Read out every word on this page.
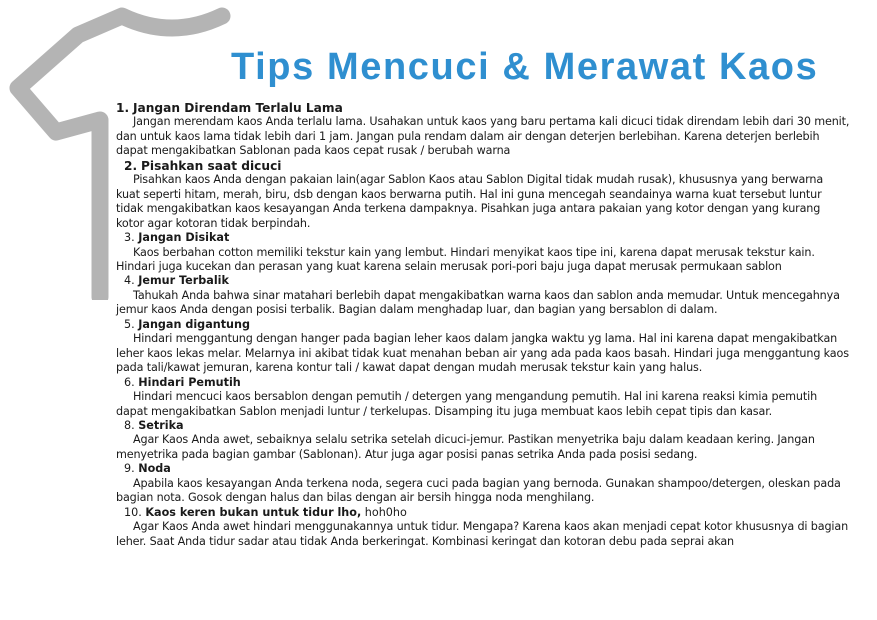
Tips Mencuci & Merawat Kaos
1. Jangan Direndam Terlalu Lama
Jangan merendam kaos Anda terlalu lama. Usahakan untuk kaos yang baru pertama kali dicuci tidak direndam lebih dari 30 menit, dan untuk kaos lama tidak lebih dari 1 jam. Jangan pula rendam dalam air dengan deterjen berlebihan. Karena deterjen berlebih dapat mengakibatkan Sablonan pada kaos cepat rusak / berubah warna
2. Pisahkan saat dicuci
Pisahkan kaos Anda dengan pakaian lain(agar Sablon Kaos atau Sablon Digital tidak mudah rusak), khususnya yang berwarna kuat seperti hitam, merah, biru, dsb dengan kaos berwarna putih. Hal ini guna mencegah seandainya warna kuat tersebut luntur tidak mengakibatkan kaos kesayangan Anda terkena dampaknya. Pisahkan juga antara pakaian yang kotor dengan yang kurang kotor agar kotoran tidak berpindah.
3. Jangan Disikat
Kaos berbahan cotton memiliki tekstur kain yang lembut. Hindari menyikat kaos tipe ini, karena dapat merusak tekstur kain. Hindari juga kucekan dan perasan yang kuat karena selain merusak pori-pori baju juga dapat merusak permukaan sablon
4. Jemur Terbalik
Tahukah Anda bahwa sinar matahari berlebih dapat mengakibatkan warna kaos dan sablon anda memudar. Untuk mencegahnya jemur kaos Anda dengan posisi terbalik. Bagian dalam menghadap luar, dan bagian yang bersablon di dalam.
5. Jangan digantung
Hindari menggantung dengan hanger pada bagian leher kaos dalam jangka waktu yg lama. Hal ini karena dapat mengakibatkan leher kaos lekas melar. Melarnya ini akibat tidak kuat menahan beban air yang ada pada kaos basah. Hindari juga menggantung kaos pada tali/kawat jemuran, karena kontur tali / kawat dapat dengan mudah merusak tekstur kain yang halus.
6. Hindari Pemutih
Hindari mencuci kaos bersablon dengan pemutih / detergen yang mengandung pemutih. Hal ini karena reaksi kimia pemutih dapat mengakibatkan Sablon menjadi luntur / terkelupas. Disamping itu juga membuat kaos lebih cepat tipis dan kasar.
8. Setrika
Agar Kaos Anda awet, sebaiknya selalu setrika setelah dicuci-jemur. Pastikan menyetrika baju dalam keadaan kering. Jangan menyetrika pada bagian gambar (Sablonan). Atur juga agar posisi panas setrika Anda pada posisi sedang.
9. Noda
Apabila kaos kesayangan Anda terkena noda, segera cuci pada bagian yang bernoda. Gunakan shampoo/detergen, oleskan pada bagian nota. Gosok dengan halus dan bilas dengan air bersih hingga noda menghilang.
10. Kaos keren bukan untuk tidur lho, hoh0ho
Agar Kaos Anda awet hindari menggunakannya untuk tidur. Mengapa? Karena kaos akan menjadi cepat kotor khususnya di bagian leher. Saat Anda tidur sadar atau tidak Anda berkeringat. Kombinasi keringat dan kotoran debu pada seprai akan
